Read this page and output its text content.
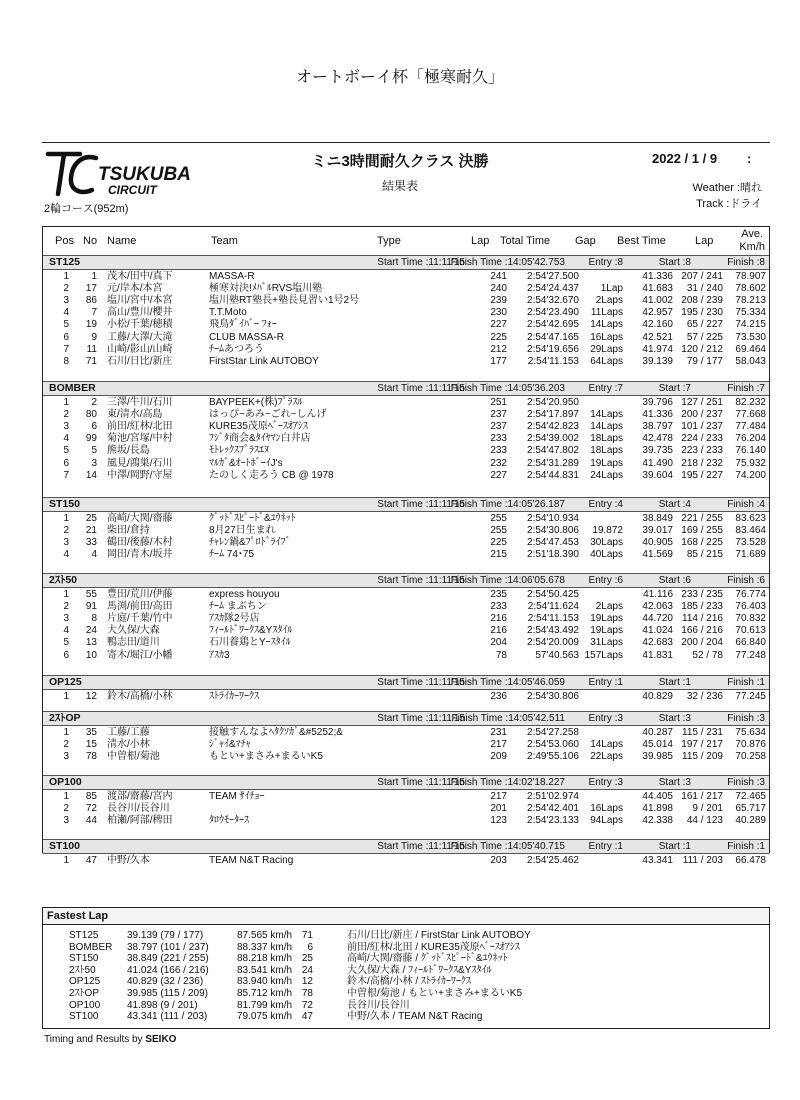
オートボーイ杯「極寒耐久」
TSUKUBA
CIRCUIT
2輪コース(952m)
ミニ3時間耐久クラス 決勝
結果表
2022 / 1 / 9 :
Weather :晴れ
Track :ドライ
Pos No Name	Team	Type	Lap Total Time Gap Best Time	Lap
Ave.
Km/h
ST125	Start Time :11:11'15
Finish Time :14:05'42.753 Entry :8	Start :8	Finish :8
1 1 茂木/田中/真下	MASSA-R	241 2:54'27.500	41.336 207 / 241 78.907
2 17 元/岸本/本宮	極寒対決!ﾒﾊﾞﾙRVS塩川塾	240 2:54'24.437 1Lap 41.683 31 / 240 78.602
3 86 塩川/宮中/本宮	塩川塾RT塾長+塾長見習い1号2号	239 2:54'32.670 2Laps 41.002 208 / 239 78.213
4 7 高山/豊川/櫻井	T.T.Moto	230 2:54'23.490 11Laps 42.957 195 / 230 75.334
5 19 小松/千葉/穂積	飛鳥ﾀﾞｲﾊﾞｰ ﾌｫｰ	227 2:54'42.695 14Laps 42.160 65 / 227 74.215
6 9 工藤/大澤/大滝	CLUB MASSA-R	225 2:54'47.165 16Laps 42.521 57 / 225 73.530
7 11 山崎/影山/山崎	ﾁｰﾑあつろう	212 2:54'19.656 29Laps 41.974 120 / 212 69.464
8 71 石川/日比/新庄	FirstStar Link AUTOBOY	177 2:54'11.153 64Laps 39.139 79 / 177 58.043
BOMBER	Start Time :11:11'15
Finish Time :14:05'36.203 Entry :7	Start :7	Finish :7
1 2 三澤/牛川/石川	BAYPEEK+(株)ﾌﾟﾗｽﾙ	251 2:54'20.950	39.796 127 / 251 82.232
2 80 東/清水/高島	はっぴ~あみ~ごれ~しんげ	237 2:54'17.897 14Laps 41.336 200 / 237 77.668
3 6 前田/紅林/北田	KURE35茂原ﾍﾞｰｽｵｱｼｽ	237 2:54'42.823 14Laps 38.797 101 / 237 77.484
4 99 菊池/宮塚/中村	ﾌｼﾞﾀ商会&ﾀｲﾔﾏﾝ白井店	233 2:54'39.002 18Laps 42.478 224 / 233 76.204
5 5 熊坂/長島	ﾓﾄﾚｯｸｽﾌﾟﾗｽｴﾇ	233 2:54'47.802 18Laps 39.735 223 / 233 76.140
6 3 風見/鴻巣/石川	ﾏﾙｶﾞ&ｵｰﾄﾎﾞｰｲJ's	232 2:54'31.289 19Laps 41.490 218 / 232 75.932
7 14 中澤/岡野/守屋	たのしく走ろう CB @ 1978	227 2:54'44.831 24Laps 39.604 195 / 227 74.200
ST150	Start Time :11:11'15
Finish Time :14:05'26.187 Entry :4	Start :4	Finish :4
1 25 高崎/大関/齋藤	ｸﾞｯﾄﾞｽﾋﾟｰﾄﾞ&ﾕｳﾈｯﾄ	255 2:54'10.934	38.849 221 / 255 83.623
2 21 柴田/倉持	8月27日生まれ	255 2:54'30.806 19.872 39.017 169 / 255 83.464
3 33 鶴田/後藤/木村	ﾁｬﾚﾝ鍋&ﾌﾟﾛﾄﾞﾗｲﾌﾞ	225 2:54'47.453 30Laps 40.905 168 / 225 73.528
4 4 岡田/青木/坂井	ﾁｰﾑ 74･75	215 2:51'18.390 40Laps 41.569 85 / 215 71.689
2ｽﾄ50	Start Time :11:11'15
Finish Time :14:06'05.678 Entry :6	Start :6	Finish :6
1 55 豊田/荒川/伊藤	express houyou	235 2:54'50.425	41.116 233 / 235 76.774
2 91 馬渕/前田/高田	ﾁｰﾑ まぶちン	233 2:54'11.624 2Laps 42.063 185 / 233 76.403
3 8 片庭/千葉/竹中	ｱｽｶ隊2号店	216 2:54'11.153 19Laps 44.720 114 / 216 70.832
4 24 大久保/大森	ﾌｨｰﾙﾄﾞﾜｰｸｽ&Yｽﾀｲﾙ	216 2:54'43.492 19Laps 41.024 166 / 216 70.613
5 13 鴨志田/道川	石川養鶏とYｰｽﾀｲﾙ	204 2:54'20.009 31Laps 42.683 200 / 204 66.840
6 10 寄木/堀江/小幡	ｱｽｶ3	78	57'40.563 157Laps 41.831 52 / 78 77.248
OP125	Start Time :11:11'15
Finish Time :14:05'46.059 Entry :1	Start :1	Finish :1
1 12 鈴木/高橋/小林	ｽﾄﾗｲｶｰﾜｰｸｽ	236 2:54'30.806	40.829 32 / 236 77.245
2ｽﾄOP	Start Time :11:11'15
Finish Time :14:05'42.511 Entry :3	Start :3	Finish :3
1 35 工藤/工藤	接触すんなよﾍﾀｸｿｶﾞ&#5252;&	231 2:54'27.258	40.287 115 / 231 75.634
2 15 清水/小林	ｼﾞｬｲ&ﾏﾁｬ	217 2:54'53.060 14Laps 45.014 197 / 217 70.876
3 78 中曽根/菊池	もとい+まさみ+まるいK5	209 2:49'55.106 22Laps 39.985 115 / 209 70.258
OP100	Start Time :11:11'15
Finish Time :14:02'18.227 Entry :3	Start :3	Finish :3
1 85 渡部/齋藤/宮内	TEAM ｻｲﾁｮｰ	217 2:51'02.974	44.405 161 / 217 72.465
2 72 長谷川/長谷川	201 2:54'42.401 16Laps 41.898 9 / 201 65.717
3 44 柏瀬/阿部/稗田	ﾀﾛｳﾓｰﾀｰｽ	123 2:54'23.133 94Laps 42.338 44 / 123 40.289
ST100	Start Time :11:11'15
Finish Time :14:05'40.715 Entry :1	Start :1	Finish :1
1 47 中野/久本	TEAM N&T Racing	203 2:54'25.462	43.341 111 / 203 66.478
Fastest Lap
ST125	39.139 (79 / 177)	87.565 km/h 71	石川/日比/新庄 / FirstStar Link AUTOBOY
BOMBER 38.797 (101 / 237)	88.337 km/h 6	前田/紅林/北田 / KURE35茂原ﾍﾞｰｽｵｱｼｽ
ST150	38.849 (221 / 255)	88.218 km/h 25	高崎/大関/齋藤 / ｸﾞｯﾄﾞｽﾋﾟｰﾄﾞ&ﾕｳﾈｯﾄ
2ｽﾄ50	41.024 (166 / 216)	83.541 km/h 24	大久保/大森 / ﾌｨｰﾙﾄﾞﾜｰｸｽ&Yｽﾀｲﾙ
OP125	40.829 (32 / 236)	83.940 km/h 12	鈴木/高橋/小林 / ｽﾄﾗｲｶｰﾜｰｸｽ
2ｽﾄOP	39.985 (115 / 209)	85.712 km/h 78	中曽根/菊池 / もとい+まさみ+まるいK5
OP100	41.898 (9 / 201)	81.799 km/h 72	長谷川/長谷川
ST100	43.341 (111 / 203)	79.075 km/h 47	中野/久本 / TEAM N&T Racing
Timing and Results by SEIKO
